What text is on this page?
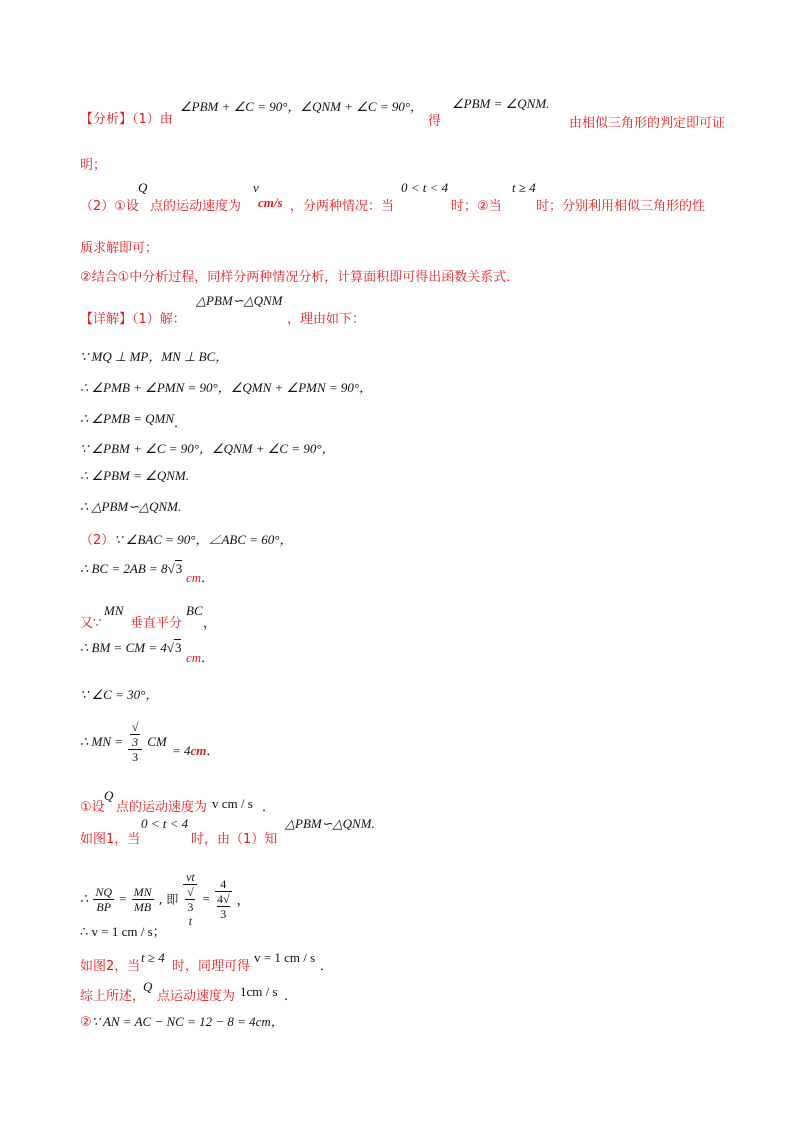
【分析】（1）由
∠PBM + ∠C = 90°，∠QNM + ∠C = 90°，
得
∠PBM = ∠QNM.
由相似三角形的判定即可证
明；
（2）①设
Q
点的运动速度为
v
cm/s ，分两种情况：当
0 < t < 4
时；②当
t ≥ 4
时；分别利用相似三角形的性
质求解即可；
②结合①中分析过程，同样分两种情况分析，计算面积即可得出函数关系式．
【详解】（1）解：
△PBM∽△QNM
，理由如下：
∵ MQ ⊥ MP，MN ⊥ BC，
∴ ∠PMB + ∠PMN = 90°，∠QMN + ∠PMN = 90°，
∴ ∠PMB = $QMN_.$
∵ ∠PBM + ∠C = 90°，∠QNM + ∠C = 90°，
∴ ∠PBM = ∠QNM.
∴ △PBM∽△QNM.
（2）∵ ∠BAC = 90°，∠ABC = 60°，
∴ BC = 2AB = 8√3
cm．
又∵
MN
垂直平分
BC
，
∴ BM = CM = 4√3
cm．
∵ ∠C = 30°，
∴ MN = √
3
3 CM
= 4cm．
①设
Q
点的运动速度为 v cm / s ．
如图1，当
0 < t < 4
时，由（1）知
△PBM∽△QNM.
∴ $\frac{NQ}{BP} = \frac{MN}{MB}$ , 即 vt
√
3
t = 4
4√
3 ，
∴ v = 1 cm / s；
如图2，当
t ≥ 4
时，同理可得
v = 1 cm / s
．
综上所述，
Q
点运动速度为 1cm / s ．
②∵ AN = AC − NC = 12 − 8 = 4cm，
